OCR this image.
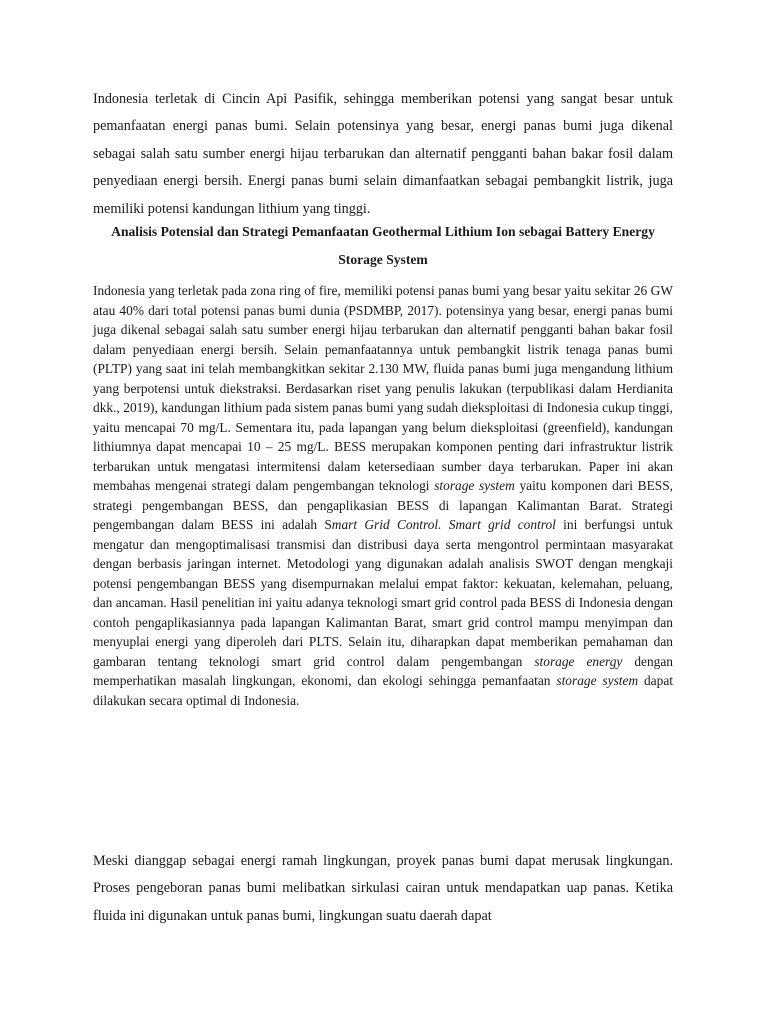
Indonesia terletak di Cincin Api Pasifik, sehingga memberikan potensi yang sangat besar untuk pemanfaatan energi panas bumi. Selain potensinya yang besar, energi panas bumi juga dikenal sebagai salah satu sumber energi hijau terbarukan dan alternatif pengganti bahan bakar fosil dalam penyediaan energi bersih. Energi panas bumi selain dimanfaatkan sebagai pembangkit listrik, juga memiliki potensi kandungan lithium yang tinggi.

Analisis Potensial dan Strategi Pemanfaatan Geothermal Lithium Ion sebagai Battery Energy Storage System

Indonesia yang terletak pada zona ring of fire, memiliki potensi panas bumi yang besar yaitu sekitar 26 GW atau 40% dari total potensi panas bumi dunia (PSDMBP, 2017). potensinya yang besar, energi panas bumi juga dikenal sebagai salah satu sumber energi hijau terbarukan dan alternatif pengganti bahan bakar fosil dalam penyediaan energi bersih. Selain pemanfaatannya untuk pembangkit listrik tenaga panas bumi (PLTP) yang saat ini telah membangkitkan sekitar 2.130 MW, fluida panas bumi juga mengandung lithium yang berpotensi untuk diekstraksi. Berdasarkan riset yang penulis lakukan (terpublikasi dalam Herdianita dkk., 2019), kandungan lithium pada sistem panas bumi yang sudah dieksploitasi di Indonesia cukup tinggi, yaitu mencapai 70 mg/L. Sementara itu, pada lapangan yang belum dieksploitasi (greenfield), kandungan lithiumnya dapat mencapai 10 – 25 mg/L. BESS merupakan komponen penting dari infrastruktur listrik terbarukan untuk mengatasi intermitensi dalam ketersediaan sumber daya terbarukan. Paper ini akan membahas mengenai strategi dalam pengembangan teknologi storage system yaitu komponen dari BESS, strategi pengembangan BESS, dan pengaplikasian BESS di lapangan Kalimantan Barat. Strategi pengembangan dalam BESS ini adalah Smart Grid Control. Smart grid control ini berfungsi untuk mengatur dan mengoptimalisasi transmisi dan distribusi daya serta mengontrol permintaan masyarakat dengan berbasis jaringan internet. Metodologi yang digunakan adalah analisis SWOT dengan mengkaji potensi pengembangan BESS yang disempurnakan melalui empat faktor: kekuatan, kelemahan, peluang, dan ancaman. Hasil penelitian ini yaitu adanya teknologi smart grid control pada BESS di Indonesia dengan contoh pengaplikasiannya pada lapangan Kalimantan Barat, smart grid control mampu menyimpan dan menyuplai energi yang diperoleh dari PLTS. Selain itu, diharapkan dapat memberikan pemahaman dan gambaran tentang teknologi smart grid control dalam pengembangan storage energy dengan memperhatikan masalah lingkungan, ekonomi, dan ekologi sehingga pemanfaatan storage system dapat dilakukan secara optimal di Indonesia.

Meski dianggap sebagai energi ramah lingkungan, proyek panas bumi dapat merusak lingkungan. Proses pengeboran panas bumi melibatkan sirkulasi cairan untuk mendapatkan uap panas. Ketika fluida ini digunakan untuk panas bumi, lingkungan suatu daerah dapat
